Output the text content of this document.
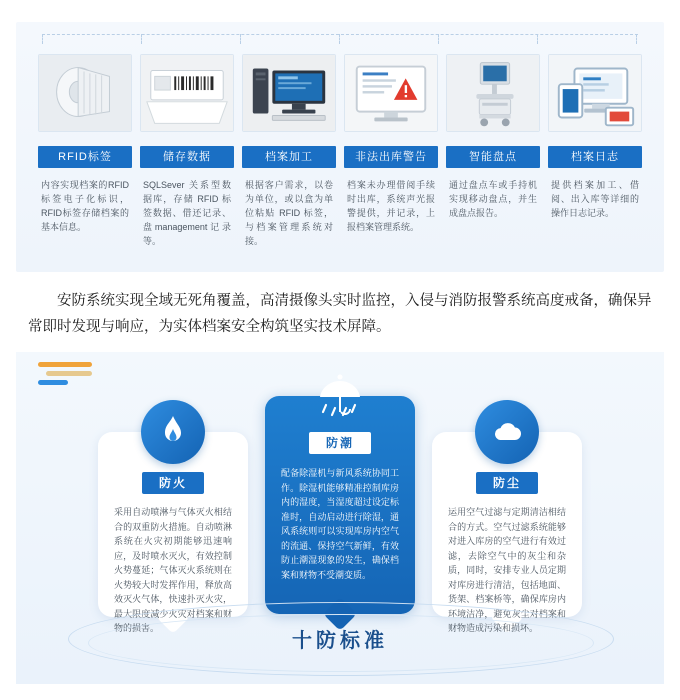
RFID标签
内容实现档案的RFID标签电子化标识，RFID标签存储档案的基本信息。
储存数据
SQLSever 关系型数据库，存储 RFID 标签数据、借还记录、盘management记录等。
档案加工
根据客户需求，以卷为单位，或以盒为单位粘贴 RFID 标签，与档案管理系统对接。
非法出库警告
档案未办理借阅手续时出库，系统声光报警提供，并记录，上报档案管理系统。
智能盘点
通过盘点车或手持机实现移动盘点，并生成盘点报告。
档案日志
提供档案加工、借阅、出入库等详细的操作日志记录。
安防系统实现全域无死角覆盖，高清摄像头实时监控，入侵与消防报警系统高度戒备，确保异常即时发现与响应，为实体档案安全构筑坚实技术屏障。
防火
采用自动喷淋与气体灭火相结合的双重防火措施。自动喷淋系统在火灾初期能够迅速响应，及时喷水灭火，有效控制火势蔓延；气体灭火系统则在火势较大时发挥作用，释放高效灭火气体，快速扑灭火灾，最大限度减少火灾对档案和财物的损害。
防潮
配备除湿机与新风系统协同工作。除湿机能够精准控制库房内的湿度，当湿度超过设定标准时，自动启动进行除湿，通风系统则可以实现库房内空气的流通、保持空气新鲜，有效防止潮湿现象的发生，确保档案和财物不受潮变质。
防尘
运用空气过滤与定期清洁相结合的方式。空气过滤系统能够对进入库房的空气进行有效过滤，去除空气中的灰尘和杂质，同时，安排专业人员定期对库房进行清洁，包括地面、货架、档案桥等，确保库房内环境洁净，避免灰尘对档案和财物造成污染和损坏。
十防标准
